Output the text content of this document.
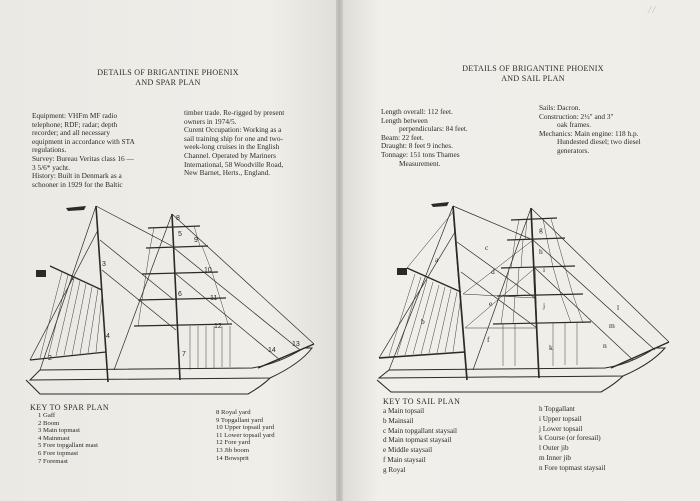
DETAILS OF BRIGANTINE PHOENIX
AND SPAR PLAN
Equipment: VHFm MF radio
telephone; RDF; radar; depth
recorder; and all necessary
equipment in accordance with STA
regulations.
Survey: Bureau Veritas class 16 —
3 5/6* yacht.
History: Built in Denmark as a
schooner in 1929 for the Baltic
timber trade. Re-rigged by present
owners in 1974/5.
Curent Occupation: Working as a
sail training ship for one and two-
week-long cruises in the English
Channel. Operated by Mariners
International, 58 Woodville Road,
New Barnet, Herts., England.
1
2
3
4
5
6
7
8
9
10
11
12
13
14
KEY TO SPAR PLAN
1 Gaff
2 Boom
3 Main topmast
4 Mainmast
5 Fore topgallant mast
6 Fore topmast
7 Foremast
8 Royal yard
9 Topgallant yard
10 Upper topsail yard
11 Lower topsail yard
12 Fore yard
13 Jib boom
14 Bowsprit
⁄ ⁄
DETAILS OF BRIGANTINE PHOENIX
AND SAIL PLAN
Length overall: 112 feet.
Length between
perpendiculars: 84 feet.
Beam: 22 feet.
Draught: 8 feet 9 inches.
Tonnage: 151 tons Thames
Measurement.
Sails: Dacron.
Construction: 2½" and 3"
oak frames.
Mechanics: Main engine: 118 h.p.
Hundested diesel; two diesel
generators.
a
b
c
d
e
f
g
h
i
j
k
l
m
n
KEY TO SAIL PLAN
a Main topsail
b Mainsail
c Main topgallant staysail
d Main topmast staysail
e Middle staysail
f Main staysail
g Royal
h Topgallant
i Upper topsail
j Lower topsail
k Course (or foresail)
l Outer jib
m Inner jib
n Fore topmast staysail
